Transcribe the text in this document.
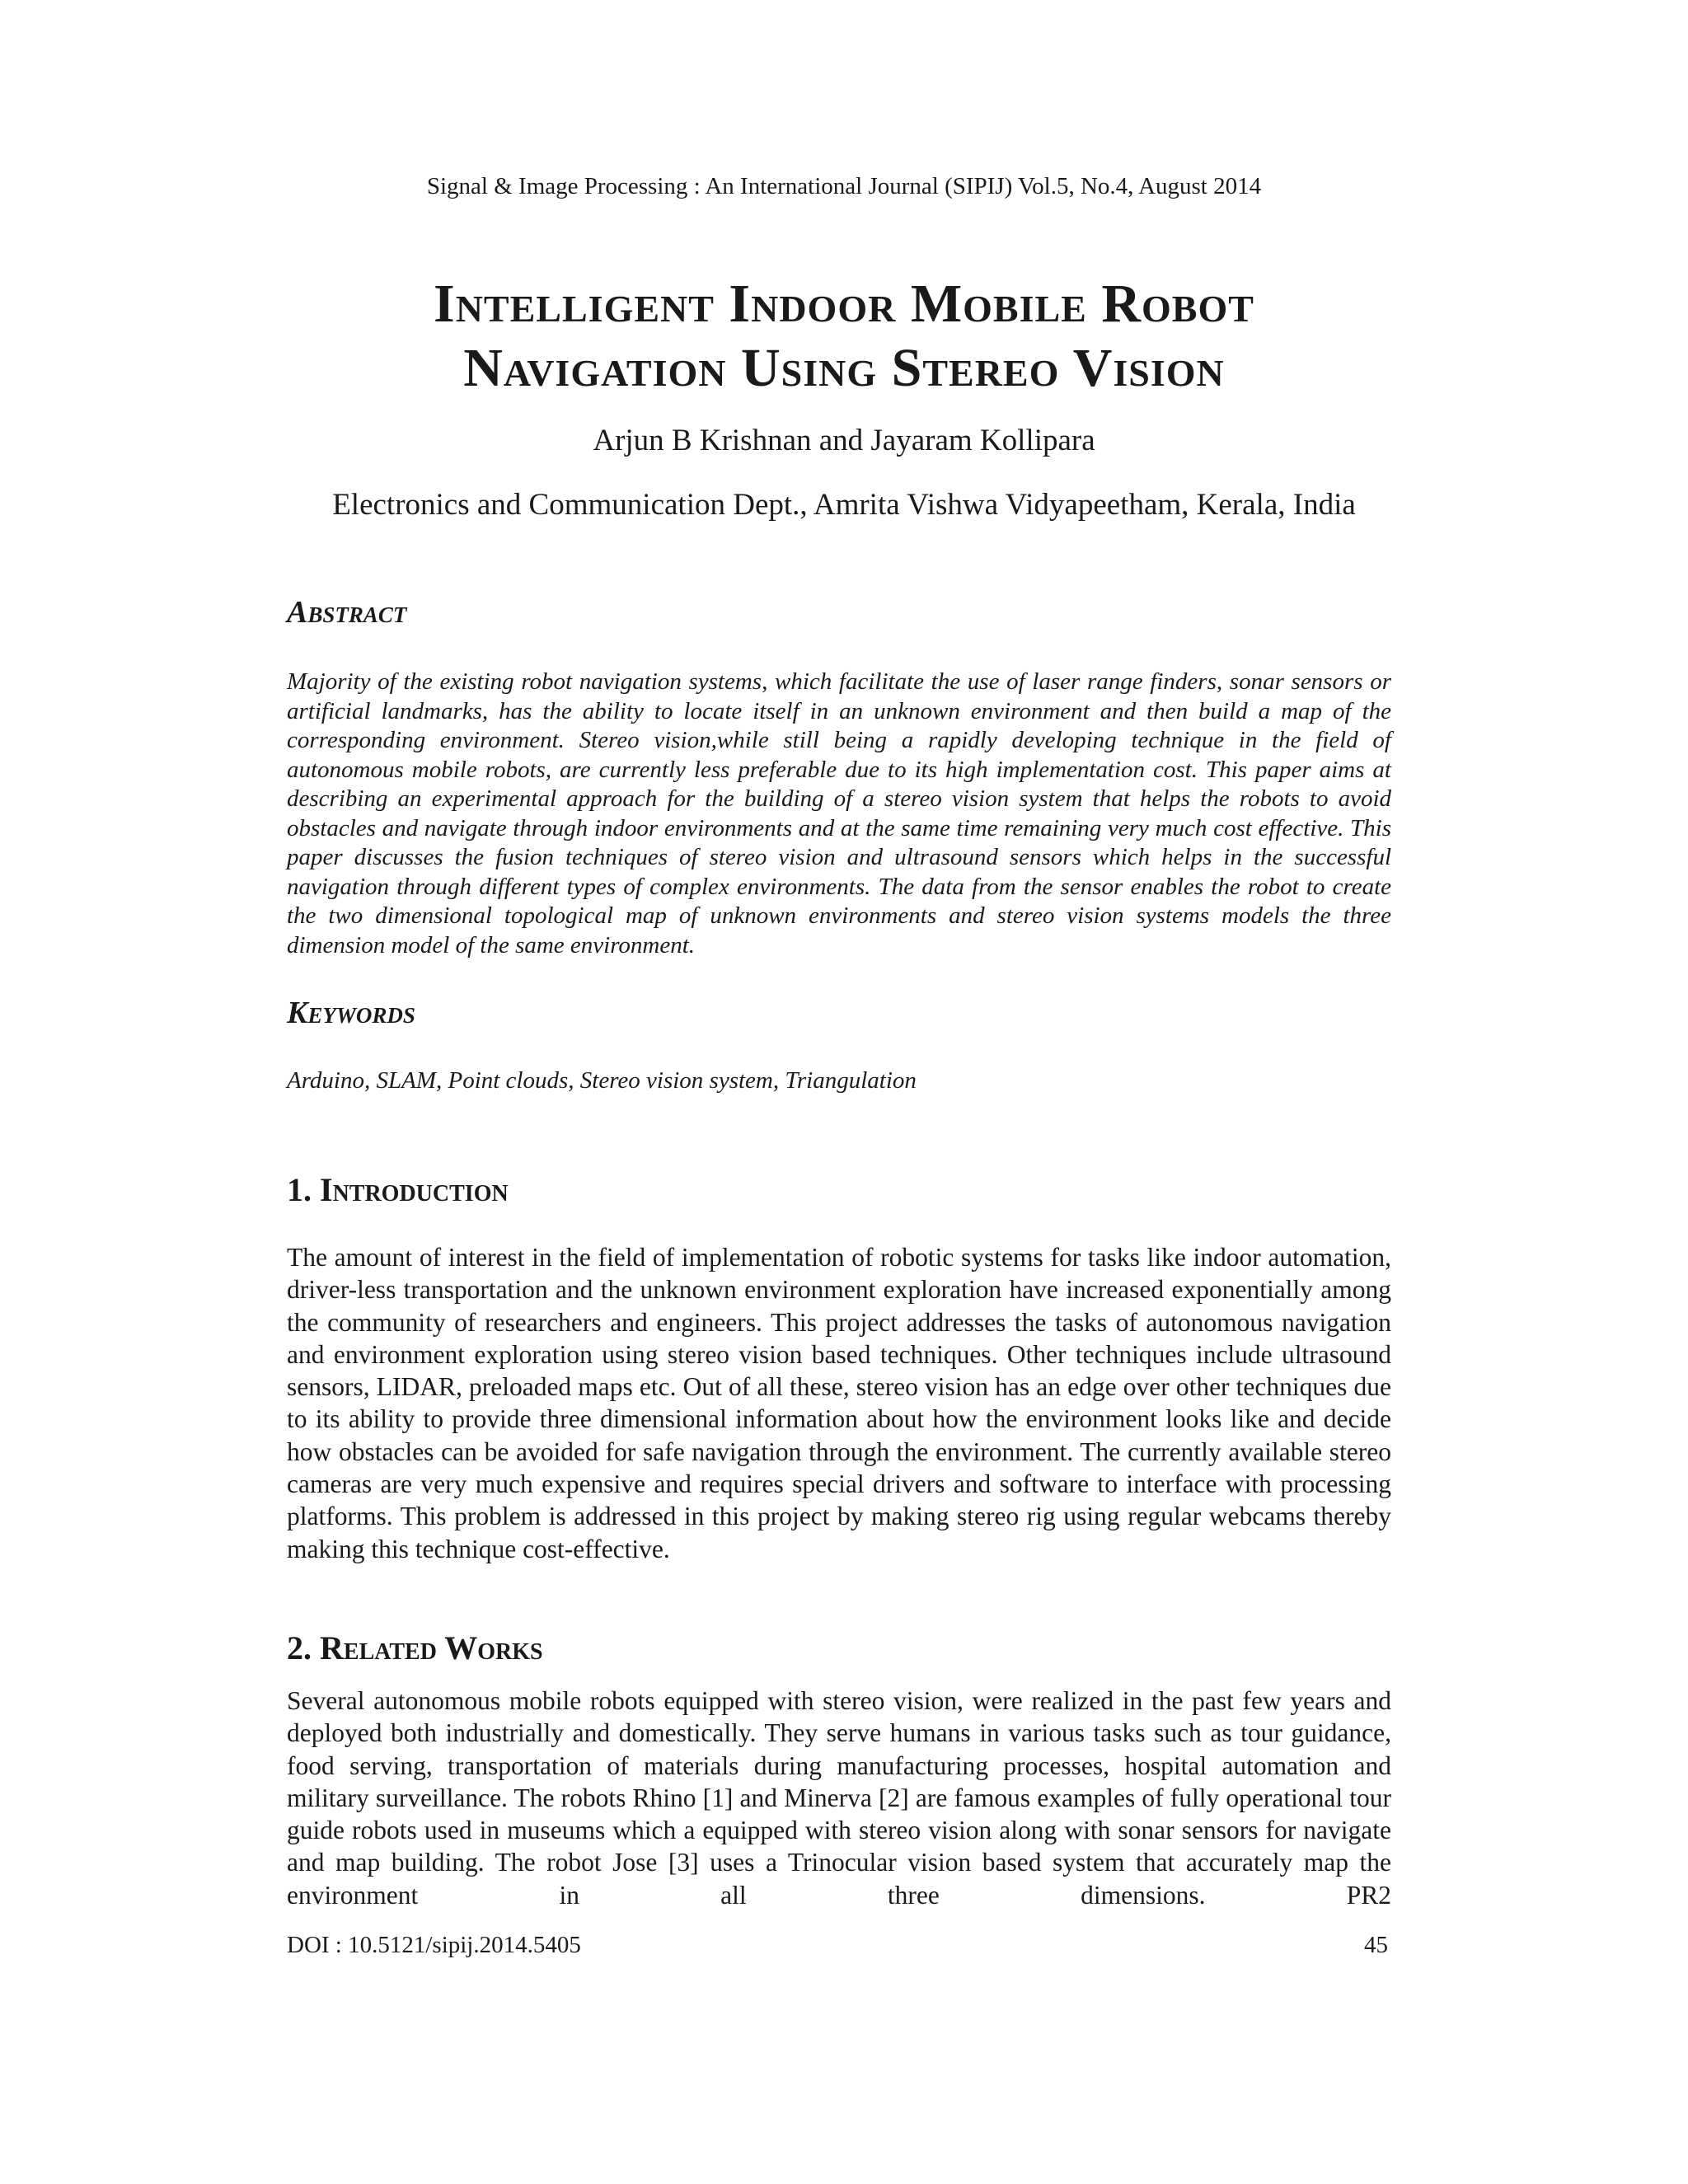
Signal & Image Processing : An International Journal (SIPIJ) Vol.5, No.4, August 2014
Intelligent Indoor Mobile Robot
Navigation Using Stereo Vision
Arjun B Krishnan and Jayaram Kollipara
Electronics and Communication Dept., Amrita Vishwa Vidyapeetham, Kerala, India
Abstract
Majority of the existing robot navigation systems, which facilitate the use of laser range finders, sonar sensors or artificial landmarks, has the ability to locate itself in an unknown environment and then build a map of the corresponding environment. Stereo vision,while still being a rapidly developing technique in the field of autonomous mobile robots, are currently less preferable due to its high implementation cost. This paper aims at describing an experimental approach for the building of a stereo vision system that helps the robots to avoid obstacles and navigate through indoor environments and at the same time remaining very much cost effective. This paper discusses the fusion techniques of stereo vision and ultrasound sensors which helps in the successful navigation through different types of complex environments. The data from the sensor enables the robot to create the two dimensional topological map of unknown environments and stereo vision systems models the three dimension model of the same environment.
Keywords
Arduino, SLAM, Point clouds, Stereo vision system, Triangulation
1. Introduction
The amount of interest in the field of implementation of robotic systems for tasks like indoor automation, driver-less transportation and the unknown environment exploration have increased exponentially among the community of researchers and engineers. This project addresses the tasks of autonomous navigation and environment exploration using stereo vision based techniques. Other techniques include ultrasound sensors, LIDAR, preloaded maps etc. Out of all these, stereo vision has an edge over other techniques due to its ability to provide three dimensional information about how the environment looks like and decide how obstacles can be avoided for safe navigation through the environment. The currently available stereo cameras are very much expensive and requires special drivers and software to interface with processing platforms. This problem is addressed in this project by making stereo rig using regular webcams thereby making this technique cost-effective.
2. Related Works
Several autonomous mobile robots equipped with stereo vision, were realized in the past few years and deployed both industrially and domestically. They serve humans in various tasks such as tour guidance, food serving, transportation of materials during manufacturing processes, hospital automation and military surveillance. The robots Rhino [1] and Minerva [2] are famous examples of fully operational tour guide robots used in museums which a equipped with stereo vision along with sonar sensors for navigate and map building. The robot Jose [3] uses a Trinocular vision based system that accurately map the environment in all three dimensions. PR2
DOI : 10.5121/sipij.2014.5405	45
